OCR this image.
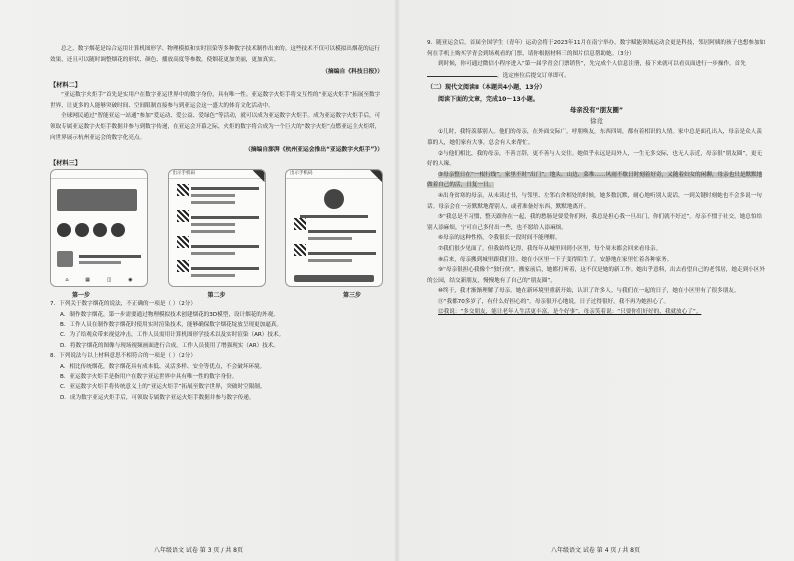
总之，数字烟花是综合运用计算机图形学、物理模拟和实时渲染等多种数字技术制作出来的。这些技术不仅可以模拟出烟花的运行效果，还且可以随时调整烟花的形状、颜色、播放高度等参数，使烟花更加美丽，更加真实。

（摘编自《科技日报》）
【材料二】

“亚运数字火炬手”首先是实用户在数字亚运世界中的数字身份，具有唯一性。亚运数字火炬手将交互性的“亚运火炬手”拓展至数字世界，让更多的人能够突破时间、空间限制直接参与到亚运会这一盛大的体育文化活动中。

全球网民通过“智能亚运一站通”参加“爱运动、爱公益、爱绿色”等活动，就可以成为亚运数字火炬手。成为亚运数字火炬手后，可领取专属亚运数字火炬手数据并参与到数字传递，在亚运会开幕之际，火炬的数字将合成为一个巨大的“数字火炬”点燃亚运主火炬塔，向世界展示杭州亚运会的数字化亮点。

（摘编自澎湃《杭州亚运会推出“亚运数字火炬手”》）
【材料三】
⌂	▦	◫	◉
出示手机码	出示手机码
第一步	第二步	第三步
7．下列关于数字烟花的说法，不正确的一项是（ ）（2分）
A．制作数字烟花，第一步需要通过物理模拟技术创建烟花的3D模型，设计烟花的外观。
B．工作人员在制作数字烟花时使用实时渲染技术，能够确保数字烟花绽放呈现更加逼真。
C．为了给观众带来视觉冲击，工作人员需用计算机图形学技术以及实时渲染（AR）技术。
D．将数字烟花的图像与现场视频画面进行合成，工作人员使用了增强现实（AR）技术。
8．下列说法与以上材料意思不相符合的一项是（ ）（2分）
A．相比传统烟花，数字烟花具有成本低、灵活多样、安全等优点，不会破坏环境。
B．亚运数字火炬手是指用户在数字亚运世界中具有唯一性的数字身份。
C．亚运数字火炬手将传统意义上的“亚运火炬手”拓展至数字世界，突破时空限制。
D．成为数字亚运火炬手后，可领取专属数字亚运火炬手数据并参与数字传递。
八年级语文 试卷 第 3 页 / 共 8页

9．随亚运会后，首届全国学生（青年）运动会将于2023年11月在南宁举办，数字赋能领域运动会更是科技，邻居阿姨的孩子也想参加如何在手机上购买学青会到场观看的门票，请你根据材料三的图片信息帮助她。（3分）

到时候，你可通过微信小程序进入“第一届学青会门票销售”，先完成个人信息注册，接下来就可以看页面进行一步操作，首先，选定座位后提交订单即可。

（二）现代文阅读Ⅱ（本题共4小题，13分）
阅读下面的文章，完成10～13小题。
母亲没有“朋友圈”
徐竞

①儿时，我特羡慕别人。他们的母亲，在外面交际广，呼朋唤友，东西四周，都有着相识的人情。家中总是面孔出入，母亲是众人羡慕的人，她们家有大事，总会有人来帮忙。

②与他们相比，我的母亲，不善言辞，更不善与人交往。她似乎永远是局外人，一生无多交际，也无人亲近，母亲很“朋友圈”，更无好的人缘。

③母亲整日在“一根行线”，家里不时“出门”，地头、山边、菜堆……风雨不歇日时刻着好奇，又随着妇女的闲聊，母亲也只是默默地做着自己的活，日复一日。

④出身贫寒的母亲，从未读过书，与邻里、左邻右舍相处的时候，她多数沉默，耐心地听别人说话，一到关键时刻她也不会多说一句话。母亲会在一旁默默地帮别人，或者准备好东西，默默地离开。

⑤“我总是不习惯，整天跟你在一起，我的愁肠是要爱你们呀，我总是担心我一旦出门，你们就不好过”。母亲不惯于社交，她总怕给别人添麻烦，宁可自己多付出一些，也不愿给人添麻烦。

⑥母亲的这种性格，令我很长一段时间不能理解。

⑦我们很少见面了。但我始终记得，我每年从城里回到小区里，每个周末都会回来看母亲。

⑧后来，母亲搬到城里跟我们住。她在小区里一下子变得陌生了，安静地在家里忙着各种家务。

⑨“母亲很担心我像个“独行侠”。搬家前后，她都打听着，这不仅是她的新工作。她出乎意料，出去看望自己的老邻居，她走到小区外的公园，结交新朋友，慢慢地有了自己的“朋友圈”。

⑩终于，我才渐渐理解了母亲。她在新环境里重新开始，认识了许多人。与我们在一起的日子，她在小区里有了很多朋友。

⑪“我都70多岁了，有什么好担心的”。母亲很开心地说，日子过得很好，我不再为她担心了。

⑫我说：“多交朋友，能让老年人生活更丰富，是个好事”。母亲笑着说：“只要你们好好的，我就放心了”。

八年级语文 试卷 第 4 页 / 共 8页
